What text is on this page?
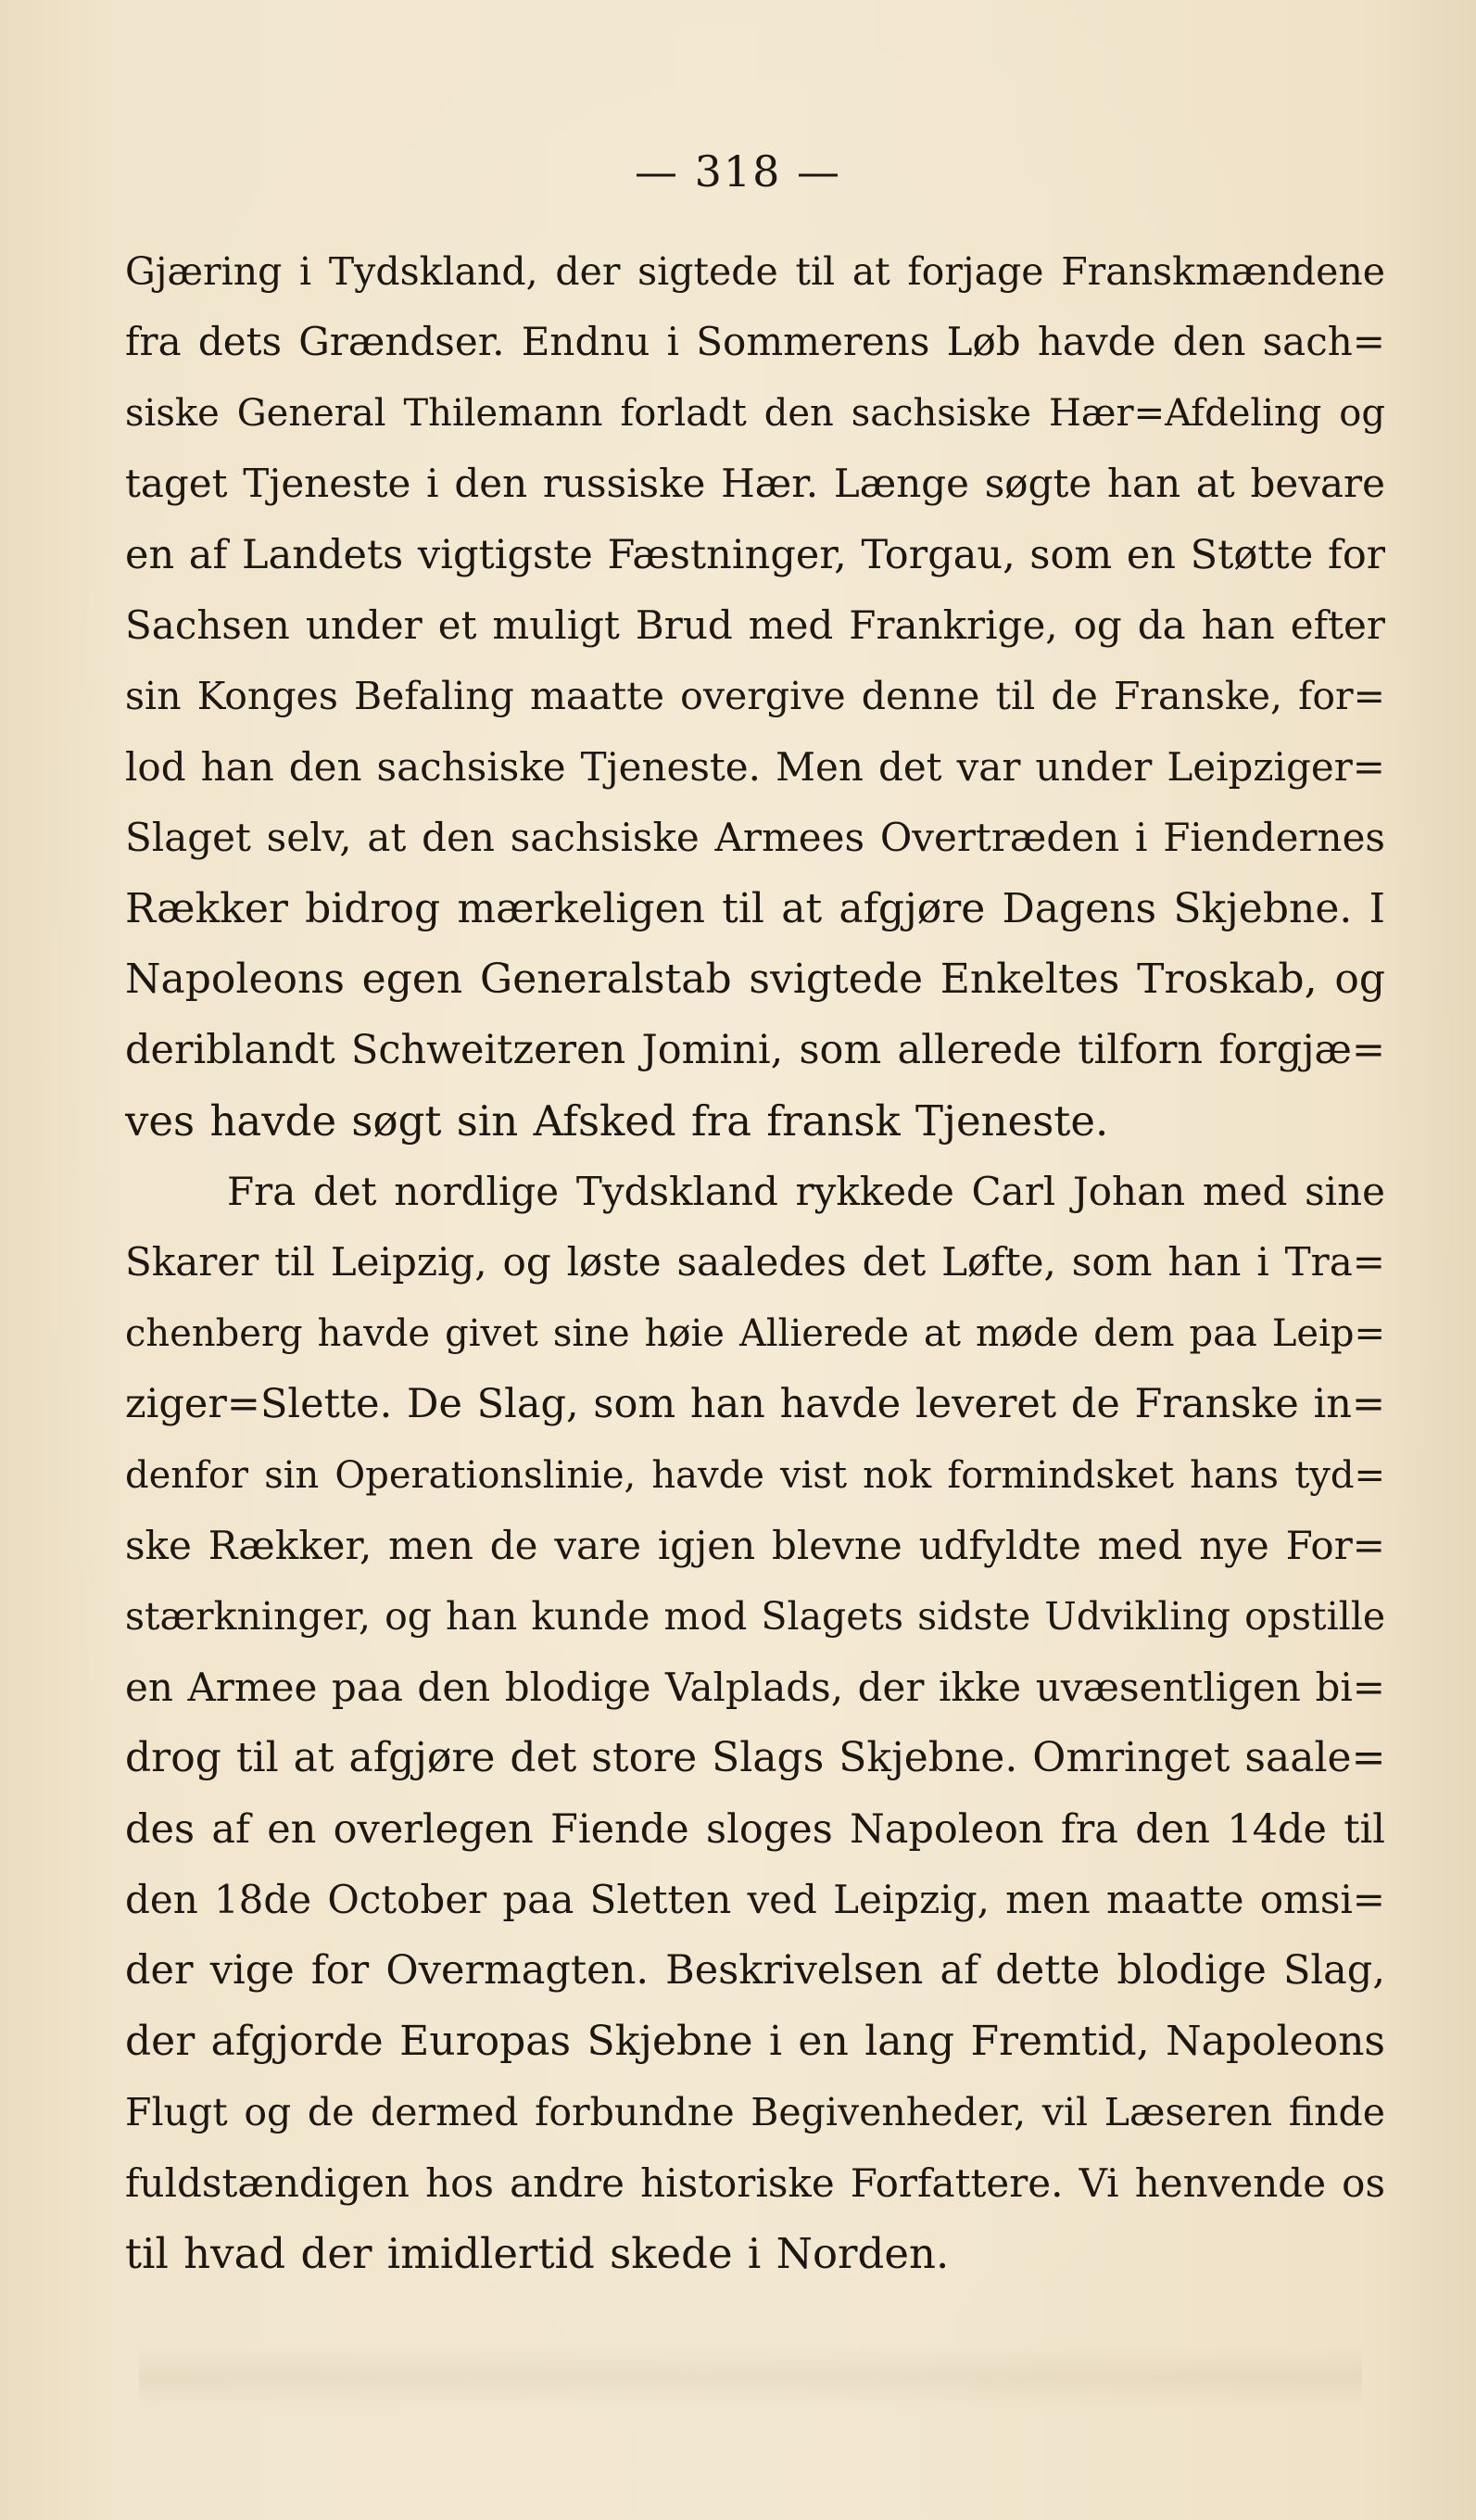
— 318 —
Gjæring i Tydskland, der sigtede til at forjage Franskmændene
fra dets Grændser. Endnu i Sommerens Løb havde den sach=
siske General Thilemann forladt den sachsiske Hær=Afdeling og
taget Tjeneste i den russiske Hær. Længe søgte han at bevare
en af Landets vigtigste Fæstninger, Torgau, som en Støtte for
Sachsen under et muligt Brud med Frankrige, og da han efter
sin Konges Befaling maatte overgive denne til de Franske, for=
lod han den sachsiske Tjeneste. Men det var under Leipziger=
Slaget selv, at den sachsiske Armees Overtræden i Fiendernes
Rækker bidrog mærkeligen til at afgjøre Dagens Skjebne. I
Napoleons egen Generalstab svigtede Enkeltes Troskab, og
deriblandt Schweitzeren Jomini, som allerede tilforn forgjæ=
ves havde søgt sin Afsked fra fransk Tjeneste.
Fra det nordlige Tydskland rykkede Carl Johan med sine
Skarer til Leipzig, og løste saaledes det Løfte, som han i Tra=
chenberg havde givet sine høie Allierede at møde dem paa Leip=
ziger=Slette. De Slag, som han havde leveret de Franske in=
denfor sin Operationslinie, havde vist nok formindsket hans tyd=
ske Rækker, men de vare igjen blevne udfyldte med nye For=
stærkninger, og han kunde mod Slagets sidste Udvikling opstille
en Armee paa den blodige Valplads, der ikke uvæsentligen bi=
drog til at afgjøre det store Slags Skjebne. Omringet saale=
des af en overlegen Fiende sloges Napoleon fra den 14de til
den 18de October paa Sletten ved Leipzig, men maatte omsi=
der vige for Overmagten. Beskrivelsen af dette blodige Slag,
der afgjorde Europas Skjebne i en lang Fremtid, Napoleons
Flugt og de dermed forbundne Begivenheder, vil Læseren finde
fuldstændigen hos andre historiske Forfattere. Vi henvende os
til hvad der imidlertid skede i Norden.
